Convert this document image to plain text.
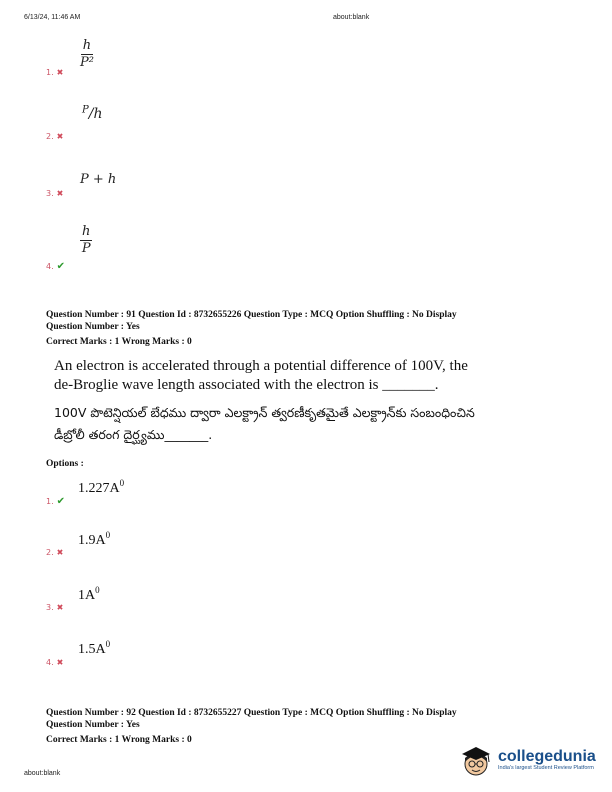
6/13/24, 11:46 AM	about:blank
$\frac{h}{\text{P²}}$
1. ✖
$^P$/h
2. ✖
P + h
3. ✖
$\frac{h}{P}$
4. ✔
Question Number : 91 Question Id : 8732655226 Question Type : MCQ Option Shuffling : No Display
Question Number : Yes
Correct Marks : 1 Wrong Marks : 0
An electron is accelerated through a potential difference of 100V, the
de-Broglie wave length associated with the electron is _______.
100V పొటెన్షియల్ బేధము ద్వారా ఎలక్ట్రాన్ త్వరణీకృతమైతే ఎలక్ట్రాన్‌కు సంబంధించిన
డీబ్రోలీ తరంగ దైర్ఘ్యము_______.
Options :
$1.227A^0$
1. ✔
$1.9A^0$
2. ✖
$1A^0$
3. ✖
$1.5A^0$
4. ✖
Question Number : 92 Question Id : 8732655227 Question Type : MCQ Option Shuffling : No Display
Question Number : Yes
Correct Marks : 1 Wrong Marks : 0
about:blank
collegedunia
India's largest Student Review Platform
